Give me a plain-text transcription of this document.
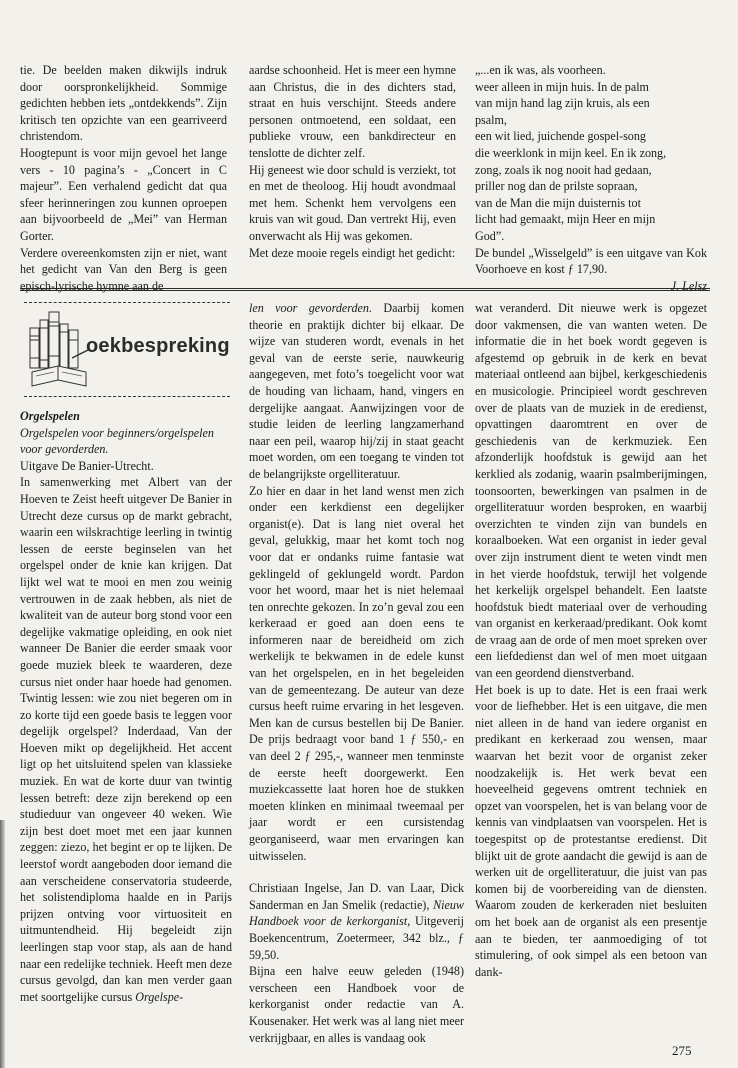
tie. De beelden maken dikwijls indruk door oorspronkelijkheid. Sommige gedichten hebben iets „ontdekkends”. Zijn kritisch ten opzichte van een gearriveerd christendom.

Hoogtepunt is voor mijn gevoel het lange vers - 10 pagina’s - „Concert in C majeur”. Een verhalend gedicht dat qua sfeer herinneringen zou kunnen oproepen aan bijvoorbeeld de „Mei” van Herman Gorter.

Verdere overeenkomsten zijn er niet, want het gedicht van Van den Berg is geen episch-lyrische hymne aan de

aardse schoonheid. Het is meer een hymne aan Christus, die in des dichters stad, straat en huis verschijnt. Steeds andere personen ontmoetend, een soldaat, een publieke vrouw, een bankdirecteur en tenslotte de dichter zelf.

Hij geneest wie door schuld is verziekt, tot en met de theoloog. Hij houdt avondmaal met hem. Schenkt hem vervolgens een kruis van wit goud. Dan vertrekt Hij, even onverwacht als Hij was gekomen.

Met deze mooie regels eindigt het gedicht:

„...en ik was, als voorheen.

weer alleen in mijn huis. In de palm

van mijn hand lag zijn kruis, als een

psalm,

een wit lied, juichende gospel-song

die weerklonk in mijn keel. En ik zong,

zong, zoals ik nog nooit had gedaan,

priller nog dan de prilste sopraan,

van de Man die mijn duisternis tot

licht had gemaakt, mijn Heer en mijn

God”.

De bundel „Wisselgeld” is een uitgave van Kok Voorhoeve en kost ƒ 17,90.

J. Lelsz

oekbespreking

Orgelspelen

Orgelspelen voor beginners/orgelspelen voor gevorderden.

Uitgave De Banier-Utrecht.

In samenwerking met Albert van der Hoeven te Zeist heeft uitgever De Banier in Utrecht deze cursus op de markt gebracht, waarin een wilskrachtige leerling in twintig lessen de eerste beginselen van het orgelspel onder de knie kan krijgen. Dat lijkt wel wat te mooi en men zou weinig vertrouwen in de zaak hebben, als niet de kwaliteit van de auteur borg stond voor een degelijke vakmatige opleiding, en ook niet wanneer De Banier die eerder smaak voor goede muziek bleek te waarderen, deze cursus niet onder haar hoede had genomen. Twintig lessen: wie zou niet begeren om in zo korte tijd een goede basis te leggen voor degelijk orgelspel? Inderdaad, Van der Hoeven mikt op degelijkheid. Het accent ligt op het uitsluitend spelen van klassieke muziek. En wat de korte duur van twintig lessen betreft: deze zijn berekend op een studieduur van ongeveer 40 weken. Wie zijn best doet moet met een jaar kunnen zeggen: ziezo, het begint er op te lijken. De leerstof wordt aangeboden door iemand die aan verscheidene conservatoria studeerde, het solistendiploma haalde en in Parijs prijzen ontving voor virtuositeit en uitmuntendheid. Hij begeleidt zijn leerlingen stap voor stap, als aan de hand naar een redelijke techniek. Heeft men deze cursus gevolgd, dan kan men verder gaan met soortgelijke cursus Orgelspe-

len voor gevorderden. Daarbij komen theorie en praktijk dichter bij elkaar. De wijze van studeren wordt, evenals in het geval van de eerste serie, nauwkeurig aangegeven, met foto’s toegelicht voor wat de houding van lichaam, hand, vingers en dergelijke aangaat. Aanwijzingen voor de studie leiden de leerling langzamerhand naar een peil, waarop hij/zij in staat geacht moet worden, om een toegang te vinden tot de belangrijkste orgelliteratuur.

Zo hier en daar in het land wenst men zich onder een kerkdienst een degelijker organist(e). Dat is lang niet overal het geval, gelukkig, maar het komt toch nog voor dat er ondanks ruime fantasie wat geklingeld of geklungeld wordt. Pardon voor het woord, maar het is niet helemaal ten onrechte gekozen. In zo’n geval zou een kerkeraad er goed aan doen eens te informeren naar de bereidheid om zich werkelijk te bekwamen in de edele kunst van het orgelspelen, en in het begeleiden van de gemeentezang. De auteur van deze cursus heeft ruime ervaring in het lesgeven. Men kan de cursus bestellen bij De Banier. De prijs bedraagt voor band 1 ƒ 550,- en van deel 2 ƒ 295,-, wanneer men tenminste de eerste heeft doorgewerkt. Een muziekcassette laat horen hoe de stukken moeten klinken en minimaal tweemaal per jaar wordt er een cursistendag georganiseerd, waar men ervaringen kan uitwisselen.

Christiaan Ingelse, Jan D. van Laar, Dick Sanderman en Jan Smelik (redactie), Nieuw Handboek voor de kerkorganist, Uitgeverij Boekencentrum, Zoetermeer, 342 blz., ƒ 59,50.

Bijna een halve eeuw geleden (1948) verscheen een Handboek voor de kerkorganist onder redactie van A. Kousenaker. Het werk was al lang niet meer verkrijgbaar, en alles is vandaag ook

wat veranderd. Dit nieuwe werk is opgezet door vakmensen, die van wanten weten. De informatie die in het boek wordt gegeven is afgestemd op gebruik in de kerk en bevat materiaal ontleend aan bijbel, kerkgeschiedenis en musicologie. Principieel wordt geschreven over de plaats van de muziek in de eredienst, opvattingen daaromtrent en over de geschiedenis van de kerkmuziek. Een afzonderlijk hoofdstuk is gewijd aan het kerklied als zodanig, waarin psalmberijmingen, toonsoorten, bewerkingen van psalmen in de orgelliteratuur worden besproken, en waarbij overzichten te vinden zijn van bundels en koraalboeken. Wat een organist in ieder geval over zijn instrument dient te weten vindt men in het vierde hoofdstuk, terwijl het volgende het kerkelijk orgelspel behandelt. Een laatste hoofdstuk biedt materiaal over de verhouding van organist en kerkeraad/predikant. Ook komt de vraag aan de orde of men moet spreken over een liefdedienst dan wel of men moet uitgaan van een geordend dienstverband.

Het boek is up to date. Het is een fraai werk voor de liefhebber. Het is een uitgave, die men niet alleen in de hand van iedere organist en predikant en kerkeraad zou wensen, maar waarvan het bezit voor de organist zeker noodzakelijk is. Het werk bevat een hoeveelheid gegevens omtrent techniek en opzet van voorspelen, het is van belang voor de kennis van vindplaatsen van voorspelen. Het is toegespitst op de protestantse eredienst. Dit blijkt uit de grote aandacht die gewijd is aan de werken uit de orgelliteratuur, die juist van pas komen bij de voorbereiding van de diensten. Waarom zouden de kerkeraden niet besluiten om het boek aan de organist als een presentje aan te bieden, ter aanmoediging of tot stimulering, of ook simpel als een betoon van dank-

275
